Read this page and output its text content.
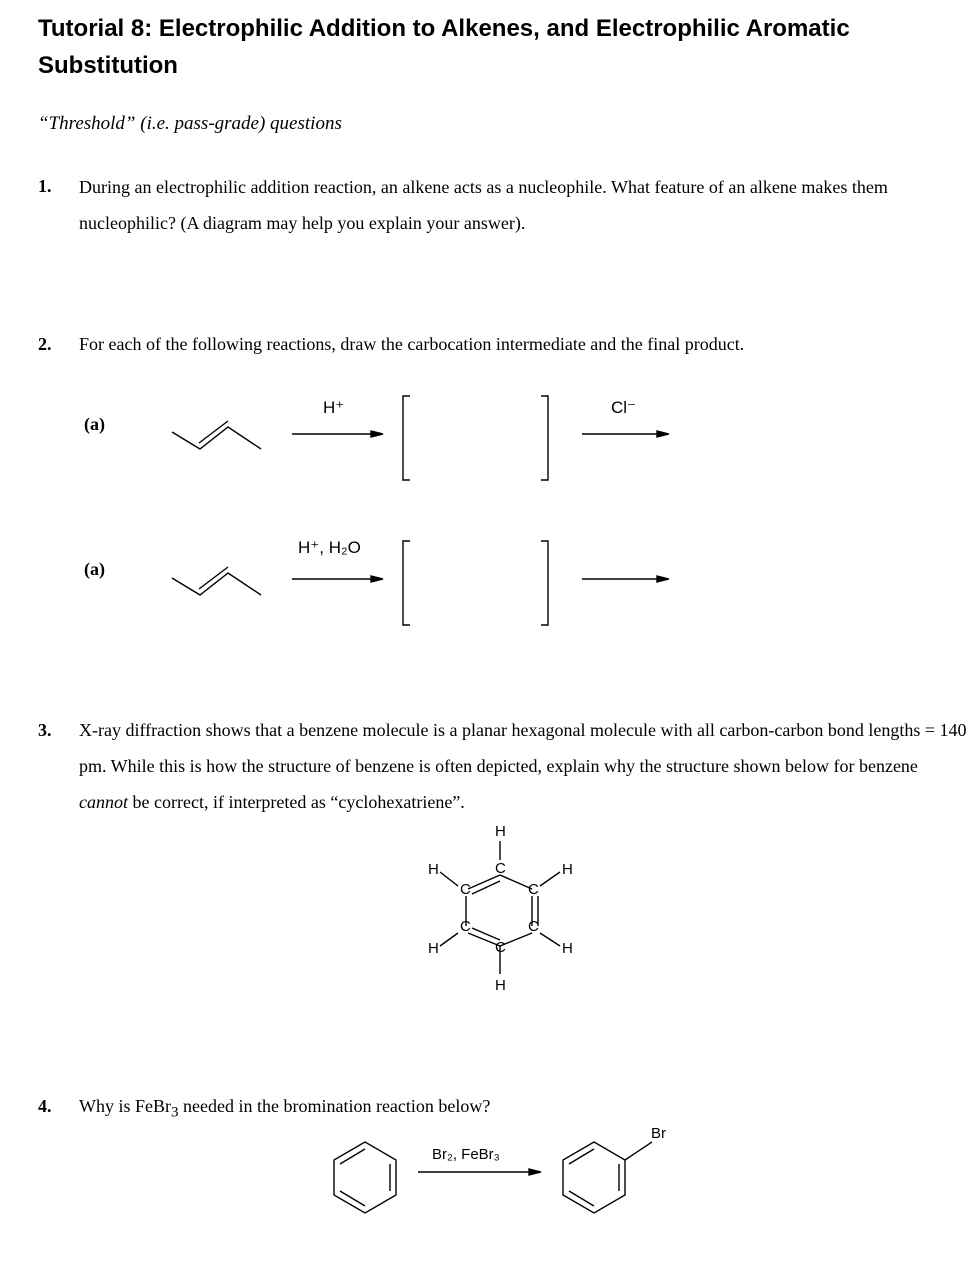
Tutorial 8: Electrophilic Addition to Alkenes, and Electrophilic Aromatic Substitution

“Threshold” (i.e. pass-grade) questions

1. During an electrophilic addition reaction, an alkene acts as a nucleophile. What feature of an alkene makes them nucleophilic? (A diagram may help you explain your answer).
2. For each of the following reactions, draw the carbocation intermediate and the final product.
(a)
H⁺	Cl⁻
(a)
H⁺, H₂O
3. X-ray diffraction shows that a benzene molecule is a planar hexagonal molecule with all carbon-carbon bond lengths = 140 pm. While this is how the structure of benzene is often depicted, explain why the structure shown below for benzene cannot be correct, if interpreted as “cyclohexatriene”.
H
C
H	H
C	C
C	C
H	H
C
H
4. Why is FeBr$_3$ needed in the bromination reaction below?
Br₂, FeBr₃
Br
